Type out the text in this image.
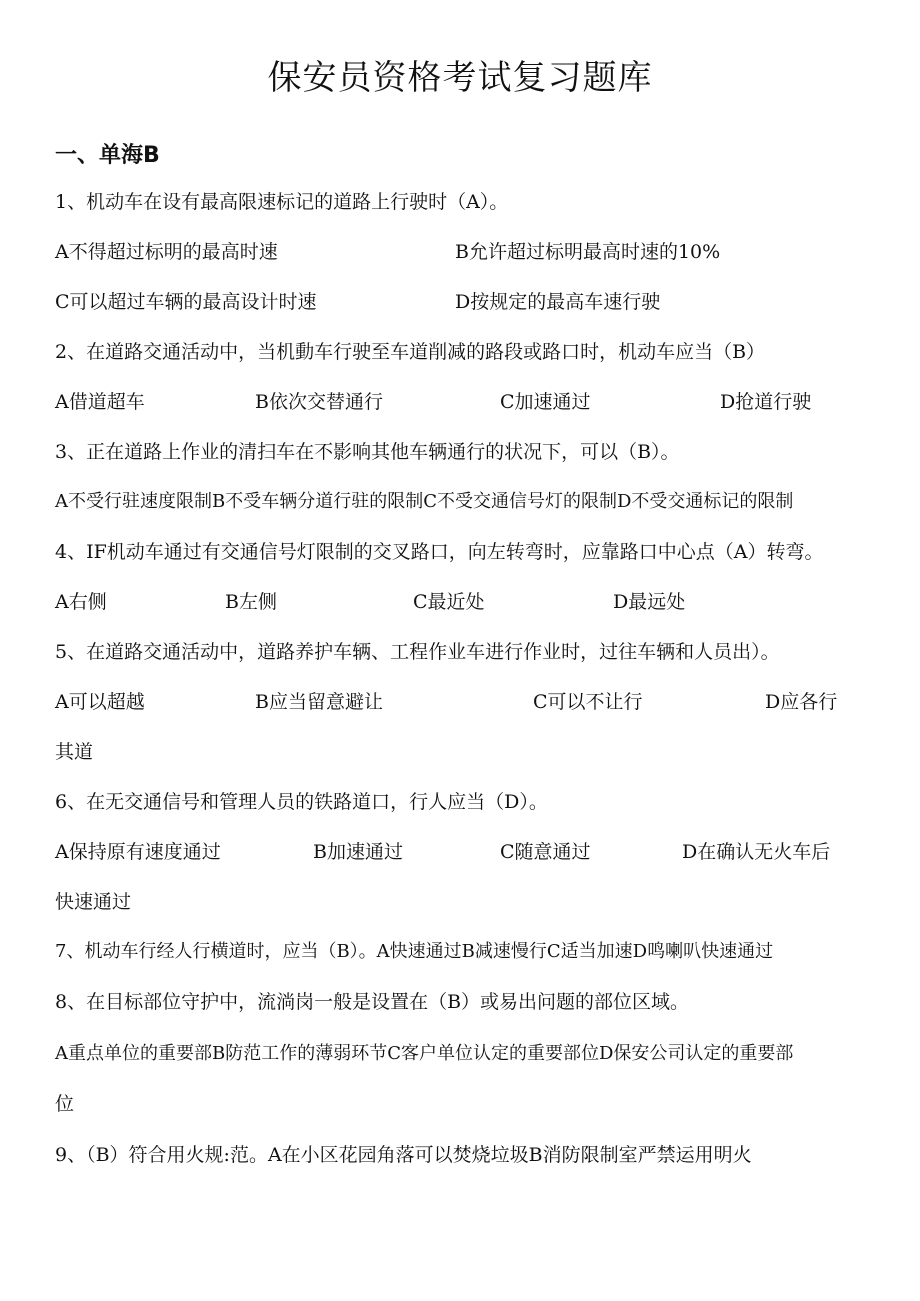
保安员资格考试复习题库
一、单海B
1、机动车在设有最高限速标记的道路上行驶时（A）。
A不得超过标明的最高时速	B允许超过标明最高时速的10%
C可以超过车辆的最高设计时速	D按规定的最高车速行驶
2、在道路交通活动中，当机動车行驶至车道削减的路段或路口时，机动车应当（B）
A借道超车	B依次交替通行	C加速通过	D抢道行驶
3、正在道路上作业的清扫车在不影响其他车辆通行的状况下，可以（B）。
A不受行驻速度限制B不受车辆分道行驻的限制C不受交通信号灯的限制D不受交通标记的限制
4、IF机动车通过有交通信号灯限制的交叉路口，向左转弯时，应靠路口中心点（A）转弯。
A右侧	B左侧	C最近处	D最远处
5、在道路交通活动中，道路养护车辆、工程作业车进行作业时，过往车辆和人员出）。
A可以超越	B应当留意避让	C可以不让行	D应各行
其道
6、在无交通信号和管理人员的铁路道口，行人应当（D）。
A保持原有速度通过	B加速通过	C随意通过	D在确认无火车后
快速通过
7、机动车行经人行横道时，应当（B）。A快速通过B减速慢行C适当加速D鸣喇叭快速通过
8、在目标部位守护中，流淌岗一般是设置在（B）或易出问题的部位区域。
A重点单位的重要部B防范工作的薄弱环节C客户单位认定的重要部位D保安公司认定的重要部
位
9、（B）符合用火规:范。A在小区花园角落可以焚烧垃圾B消防限制室严禁运用明火
